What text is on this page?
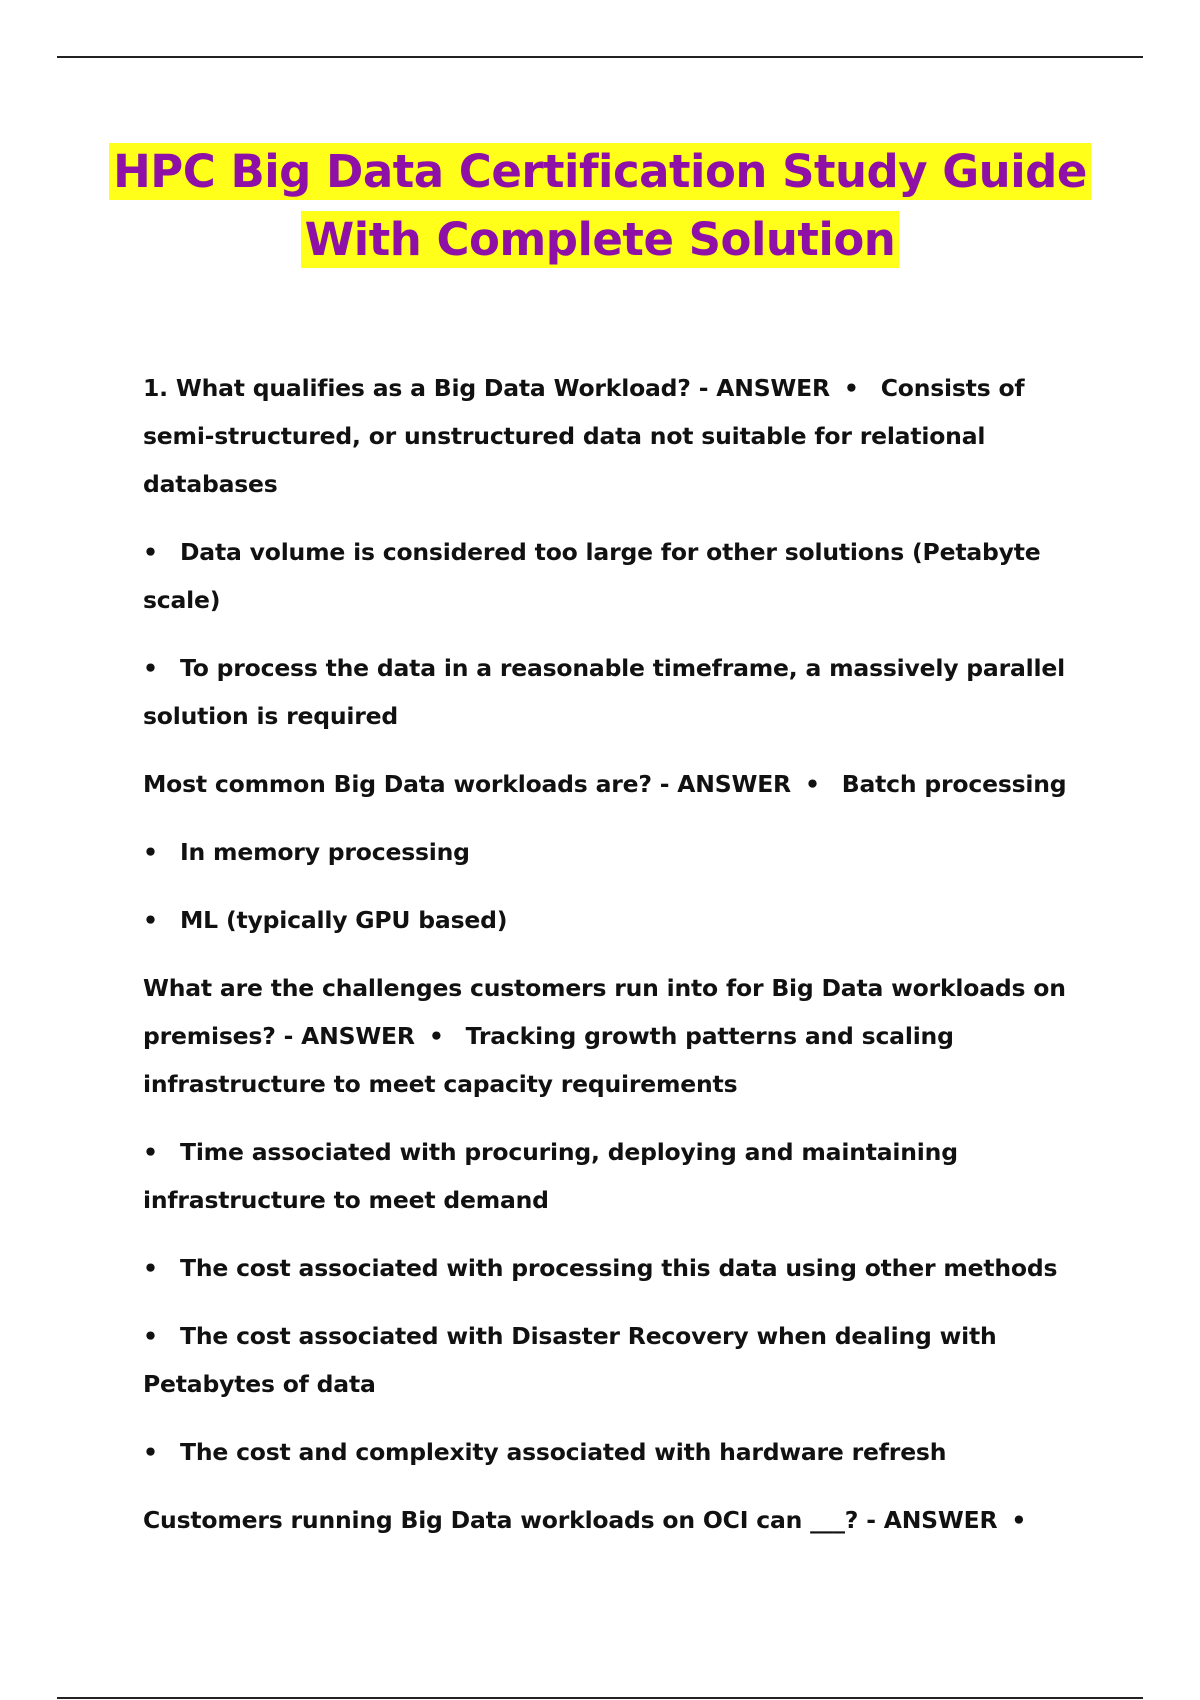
HPC Big Data Certification Study Guide
With Complete Solution

1. What qualifies as a Big Data Workload? - ANSWER • Consists of semi-structured, or unstructured data not suitable for relational databases

• Data volume is considered too large for other solutions (Petabyte scale)

• To process the data in a reasonable timeframe, a massively parallel solution is required

Most common Big Data workloads are? - ANSWER • Batch processing

• In memory processing

• ML (typically GPU based)

What are the challenges customers run into for Big Data workloads on premises? - ANSWER • Tracking growth patterns and scaling infrastructure to meet capacity requirements

• Time associated with procuring, deploying and maintaining infrastructure to meet demand

• The cost associated with processing this data using other methods

• The cost associated with Disaster Recovery when dealing with Petabytes of data

• The cost and complexity associated with hardware refresh

Customers running Big Data workloads on OCI can ___? - ANSWER •
